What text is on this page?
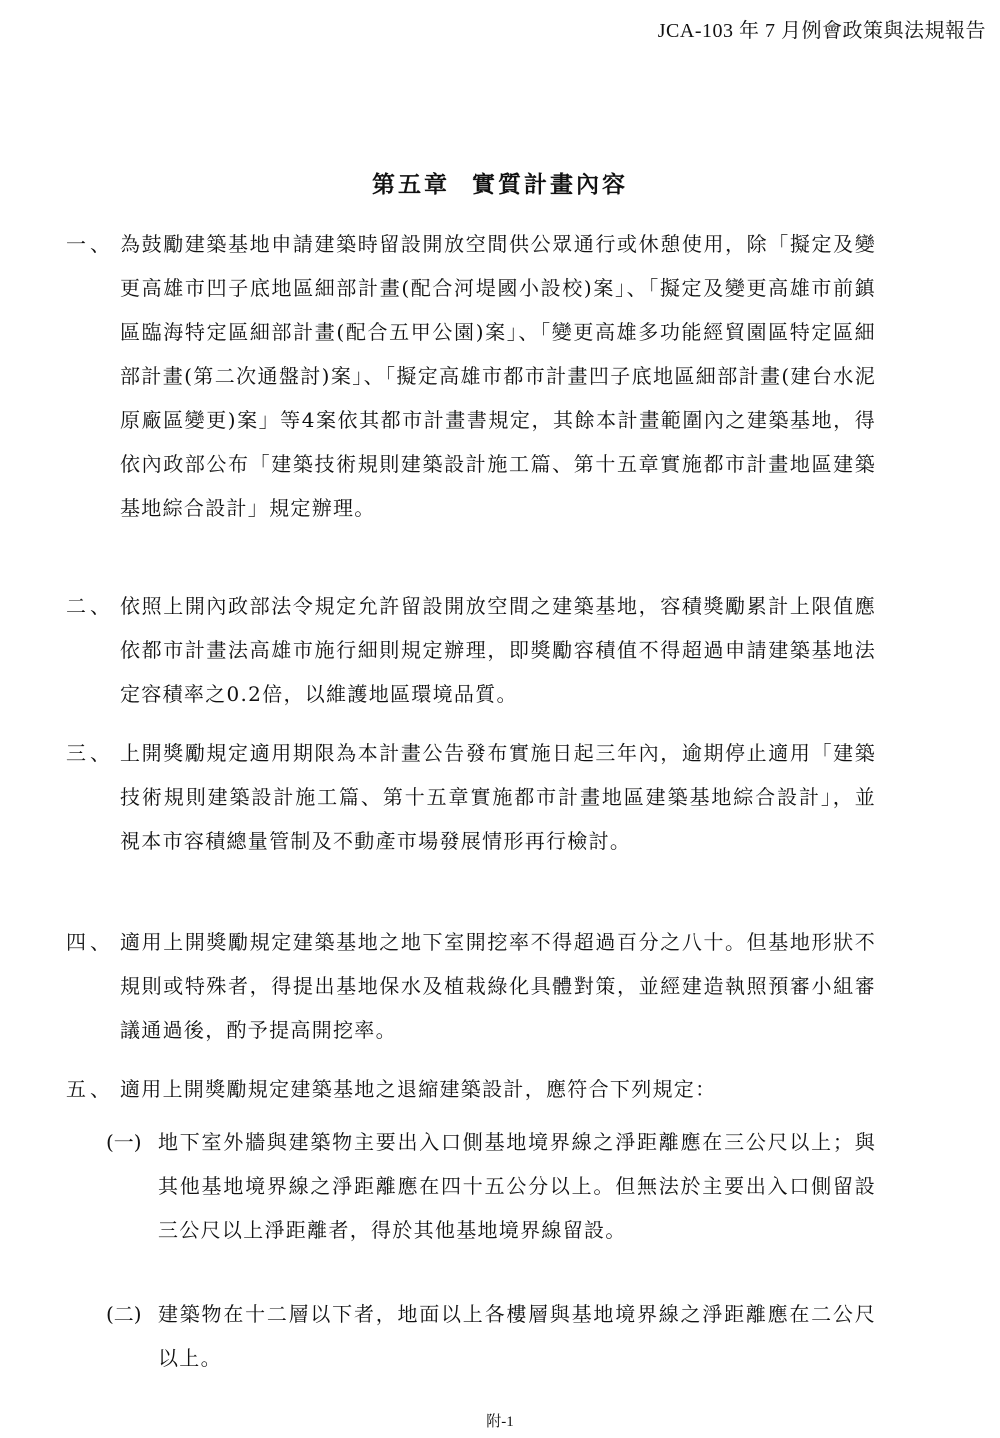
JCA-103 年 7 月例會政策與法規報告
第五章  實質計畫內容
一、 為鼓勵建築基地申請建築時留設開放空間供公眾通行或休憩使用，除「擬定及變更高雄市凹子底地區細部計畫(配合河堤國小設校)案」、「擬定及變更高雄市前鎮區臨海特定區細部計畫(配合五甲公園)案」、「變更高雄多功能經貿園區特定區細部計畫(第二次通盤討)案」、「擬定高雄市都市計畫凹子底地區細部計畫(建台水泥原廠區變更)案」等4案依其都市計畫書規定，其餘本計畫範圍內之建築基地，得依內政部公布「建築技術規則建築設計施工篇、第十五章實施都市計畫地區建築基地綜合設計」規定辦理。
二、 依照上開內政部法令規定允許留設開放空間之建築基地，容積獎勵累計上限值應依都市計畫法高雄市施行細則規定辦理，即獎勵容積值不得超過申請建築基地法定容積率之0.2倍，以維護地區環境品質。
三、 上開獎勵規定適用期限為本計畫公告發布實施日起三年內，逾期停止適用「建築技術規則建築設計施工篇、第十五章實施都市計畫地區建築基地綜合設計」，並視本市容積總量管制及不動產市場發展情形再行檢討。
四、 適用上開獎勵規定建築基地之地下室開挖率不得超過百分之八十。但基地形狀不規則或特殊者，得提出基地保水及植栽綠化具體對策，並經建造執照預審小組審議通過後，酌予提高開挖率。
五、 適用上開獎勵規定建築基地之退縮建築設計，應符合下列規定：
(一) 地下室外牆與建築物主要出入口側基地境界線之淨距離應在三公尺以上；與其他基地境界線之淨距離應在四十五公分以上。但無法於主要出入口側留設三公尺以上淨距離者，得於其他基地境界線留設。
(二) 建築物在十二層以下者，地面以上各樓層與基地境界線之淨距離應在二公尺以上。
附-1
